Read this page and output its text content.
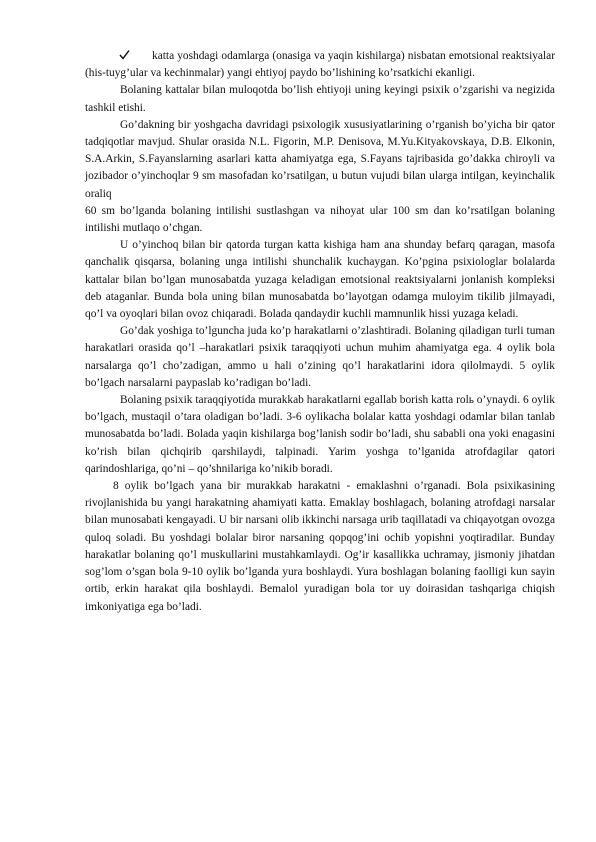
katta yoshdagi odamlarga (onasiga va yaqin kishilarga) nisbatan emotsional reaktsiyalar (his-tuyg’ular va kechinmalar) yangi ehtiyoj paydo bo’lishining ko’rsatkichi ekanligi.

Bolaning kattalar bilan muloqotda bo’lish ehtiyoji uning keyingi psixik o’zgarishi va negizida tashkil etishi.

Go’dakning bir yoshgacha davridagi psixologik xususiyatlarining o’rganish bo’yicha bir qator tadqiqotlar mavjud. Shular orasida N.L. Figorin, M.P. Denisova, M.Yu.Kityakovskaya, D.B. Elkonin, S.A.Arkin, S.Fayanslarning asarlari katta ahamiyatga ega, S.Fayans tajribasida go’dakka chiroyli va jozibador o’yinchoqlar 9 sm masofadan ko’rsatilgan, u butun vujudi bilan ularga intilgan, keyinchalik oraliq

60 sm bo’lganda bolaning intilishi sustlashgan va nihoyat ular 100 sm dan ko’rsatilgan bolaning intilishi mutlaqo o’chgan.

U o’yinchoq bilan bir qatorda turgan katta kishiga ham ana shunday befarq qaragan, masofa qanchalik qisqarsa, bolaning unga intilishi shunchalik kuchaygan. Ko’pgina psixiologlar bolalarda kattalar bilan bo’lgan munosabatda yuzaga keladigan emotsional reaktsiyalarni jonlanish kompleksi deb ataganlar. Bunda bola uning bilan munosabatda bo’layotgan odamga muloyim tikilib jilmayadi, qo’l va oyoqlari bilan ovoz chiqaradi. Bolada qandaydir kuchli mamnunlik hissi yuzaga keladi.

Go’dak yoshiga to’lguncha juda ko’p harakatlarni o’zlashtiradi. Bolaning qiladigan turli tuman harakatlari orasida qo’l –harakatlari psixik taraqqiyoti uchun muhim ahamiyatga ega. 4 oylik bola narsalarga qo’l cho’zadigan, ammo u hali o’zining qo’l harakatlarini idora qilolmaydi. 5 oylik bo’lgach narsalarni paypaslab ko’radigan bo’ladi.

Bolaning psixik taraqqiyotida murakkab harakatlarni egallab borish katta rolь o’ynaydi. 6 oylik bo’lgach, mustaqil o’tara oladigan bo’ladi. 3-6 oylikacha bolalar katta yoshdagi odamlar bilan tanlab munosabatda bo’ladi. Bolada yaqin kishilarga bog’lanish sodir bo’ladi, shu sababli ona yoki enagasini ko’rish bilan qichqirib qarshilaydi, talpinadi. Yarim yoshga to’lganida atrofdagilar qatori qarindoshlariga, qo’ni – qo’shnilariga ko’nikib boradi.

8 oylik bo’lgach yana bir murakkab harakatni - emaklashni o’rganadi. Bola psixikasining rivojlanishida bu yangi harakatning ahamiyati katta. Emaklay boshlagach, bolaning atrofdagi narsalar bilan munosabati kengayadi. U bir narsani olib ikkinchi narsaga urib taqillatadi va chiqayotgan ovozga quloq soladi. Bu yoshdagi bolalar biror narsaning qopqog’ini ochib yopishni yoqtiradilar. Bunday harakatlar bolaning qo’l muskullarini mustahkamlaydi. Og’ir kasallikka uchramay, jismoniy jihatdan sog’lom o’sgan bola 9-10 oylik bo’lganda yura boshlaydi. Yura boshlagan bolaning faolligi kun sayin ortib, erkin harakat qila boshlaydi. Bemalol yuradigan bola tor uy doirasidan tashqariga chiqish imkoniyatiga ega bo’ladi.
